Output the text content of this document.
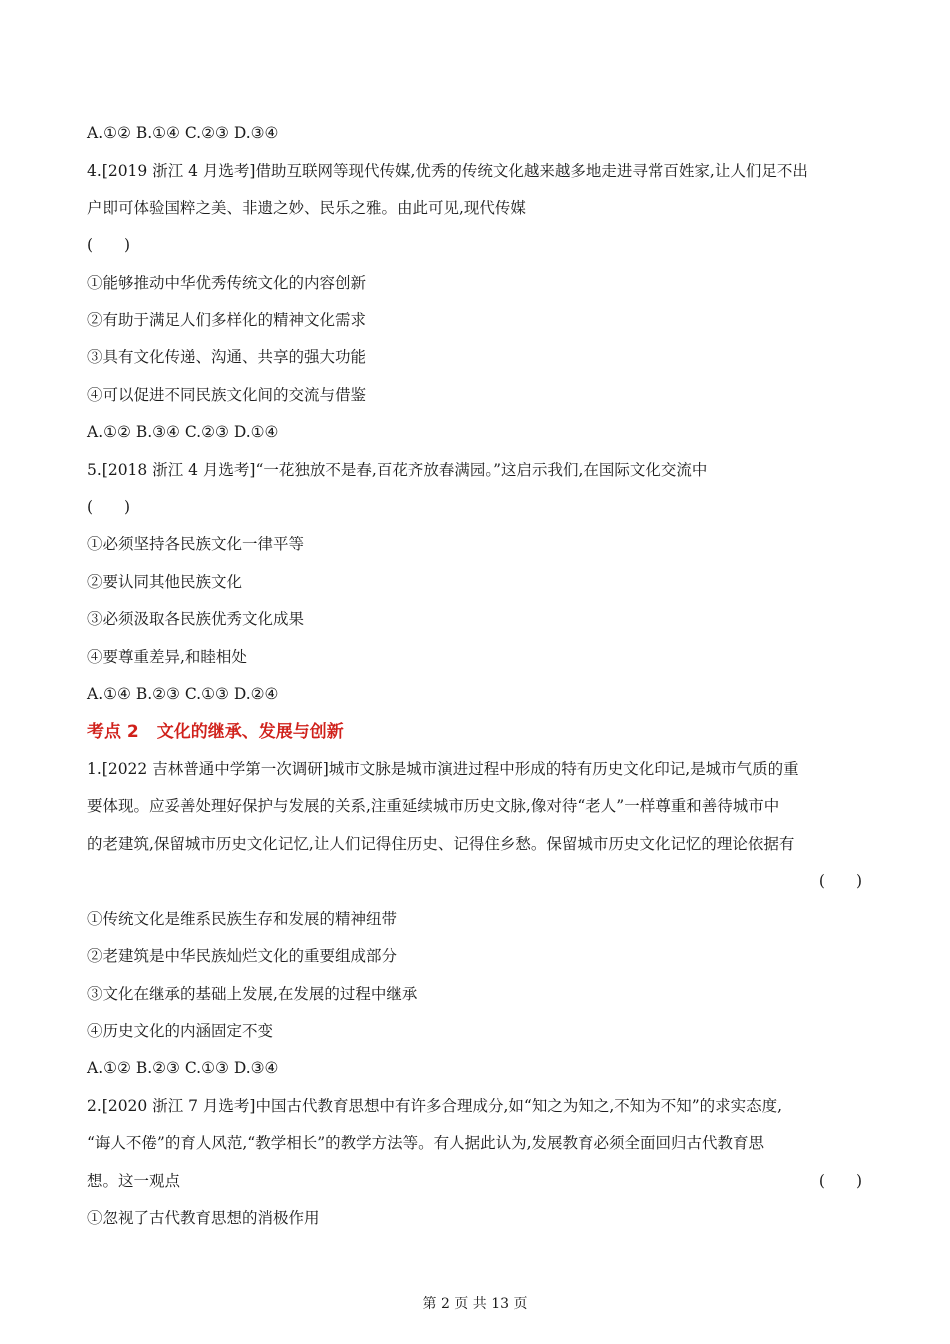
A.①② B.①④ C.②③ D.③④
4.[2019 浙江 4 月选考]借助互联网等现代传媒,优秀的传统文化越来越多地走进寻常百姓家,让人们足不出
户即可体验国粹之美、非遗之妙、民乐之雅。由此可见,现代传媒
(　　)
①能够推动中华优秀传统文化的内容创新
②有助于满足人们多样化的精神文化需求
③具有文化传递、沟通、共享的强大功能
④可以促进不同民族文化间的交流与借鉴
A.①② B.③④ C.②③ D.①④
5.[2018 浙江 4 月选考]“一花独放不是春,百花齐放春满园。”这启示我们,在国际文化交流中
(　　)
①必须坚持各民族文化一律平等
②要认同其他民族文化
③必须汲取各民族优秀文化成果
④要尊重差异,和睦相处
A.①④ B.②③ C.①③ D.②④
考点 2 文化的继承、发展与创新
1.[2022 吉林普通中学第一次调研]城市文脉是城市演进过程中形成的特有历史文化印记,是城市气质的重
要体现。应妥善处理好保护与发展的关系,注重延续城市历史文脉,像对待“老人”一样尊重和善待城市中
的老建筑,保留城市历史文化记忆,让人们记得住历史、记得住乡愁。保留城市历史文化记忆的理论依据有
(　　)
①传统文化是维系民族生存和发展的精神纽带
②老建筑是中华民族灿烂文化的重要组成部分
③文化在继承的基础上发展,在发展的过程中继承
④历史文化的内涵固定不变
A.①② B.②③ C.①③ D.③④
2.[2020 浙江 7 月选考]中国古代教育思想中有许多合理成分,如“知之为知之,不知为不知”的求实态度,
“诲人不倦”的育人风范,“教学相长”的教学方法等。有人据此认为,发展教育必须全面回归古代教育思
想。这一观点	(　　)
①忽视了古代教育思想的消极作用
第 2 页 共 13 页
